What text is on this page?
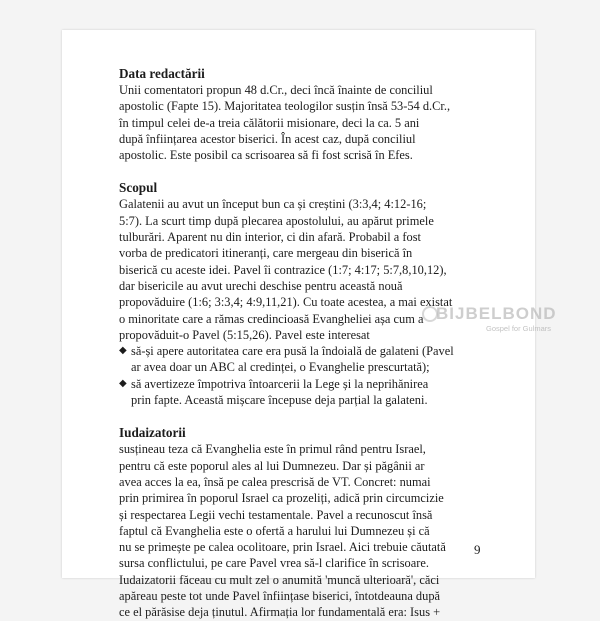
Data redactării

Unii comentatori propun 48 d.Cr., deci încă înainte de conciliul
apostolic (Fapte 15). Majoritatea teologilor susțin însă 53-54 d.Cr.,
în timpul celei de-a treia călătorii misionare, deci la ca. 5 ani
după înființarea acestor biserici. În acest caz, după conciliul
apostolic. Este posibil ca scrisoarea să fi fost scrisă în Efes.

Scopul

Galatenii au avut un început bun ca și creștini (3:3,4; 4:12-16;
5:7). La scurt timp după plecarea apostolului, au apărut primele
tulburări. Aparent nu din interior, ci din afară. Probabil a fost
vorba de predicatori itineranți, care mergeau din biserică în
biserică cu aceste idei. Pavel îi contrazice (1:7; 4:17; 5:7,8,10,12),
dar bisericile au avut urechi deschise pentru această nouă
propovăduire (1:6; 3:3,4; 4:9,11,21). Cu toate acestea, a mai existat
o minoritate care a rămas credincioasă Evangheliei așa cum a
propovăduit-o Pavel (5:15,26). Pavel este interesat

◆ să-și apere autoritatea care era pusă la îndoială de galateni (Pavel
ar avea doar un ABC al credinței, o Evanghelie prescurtată);
◆ să avertizeze împotriva întoarcerii la Lege și la neprihănirea
prin fapte. Această mișcare începuse deja parțial la galateni.
Iudaizatorii

susțineau teza că Evanghelia este în primul rând pentru Israel,
pentru că este poporul ales al lui Dumnezeu. Dar și păgânii ar
avea acces la ea, însă pe calea prescrisă de VT. Concret: numai
prin primirea în poporul Israel ca prozeliți, adică prin circumcizie
și respectarea Legii vechi testamentale. Pavel a recunoscut însă
faptul că Evanghelia este o ofertă a harului lui Dumnezeu și că
nu se primește pe calea ocolitoare, prin Israel. Aici trebuie căutată
sursa conflictului, pe care Pavel vrea să-l clarifice în scrisoare.
Iudaizatorii făceau cu mult zel o anumită 'muncă ulterioară', căci
apăreau peste tot unde Pavel înființase biserici, întotdeauna după
ce el părăsise deja ținutul. Afirmația lor fundamentală era: Isus +

BIJBELBOND
Gospel for Gulmars
9
